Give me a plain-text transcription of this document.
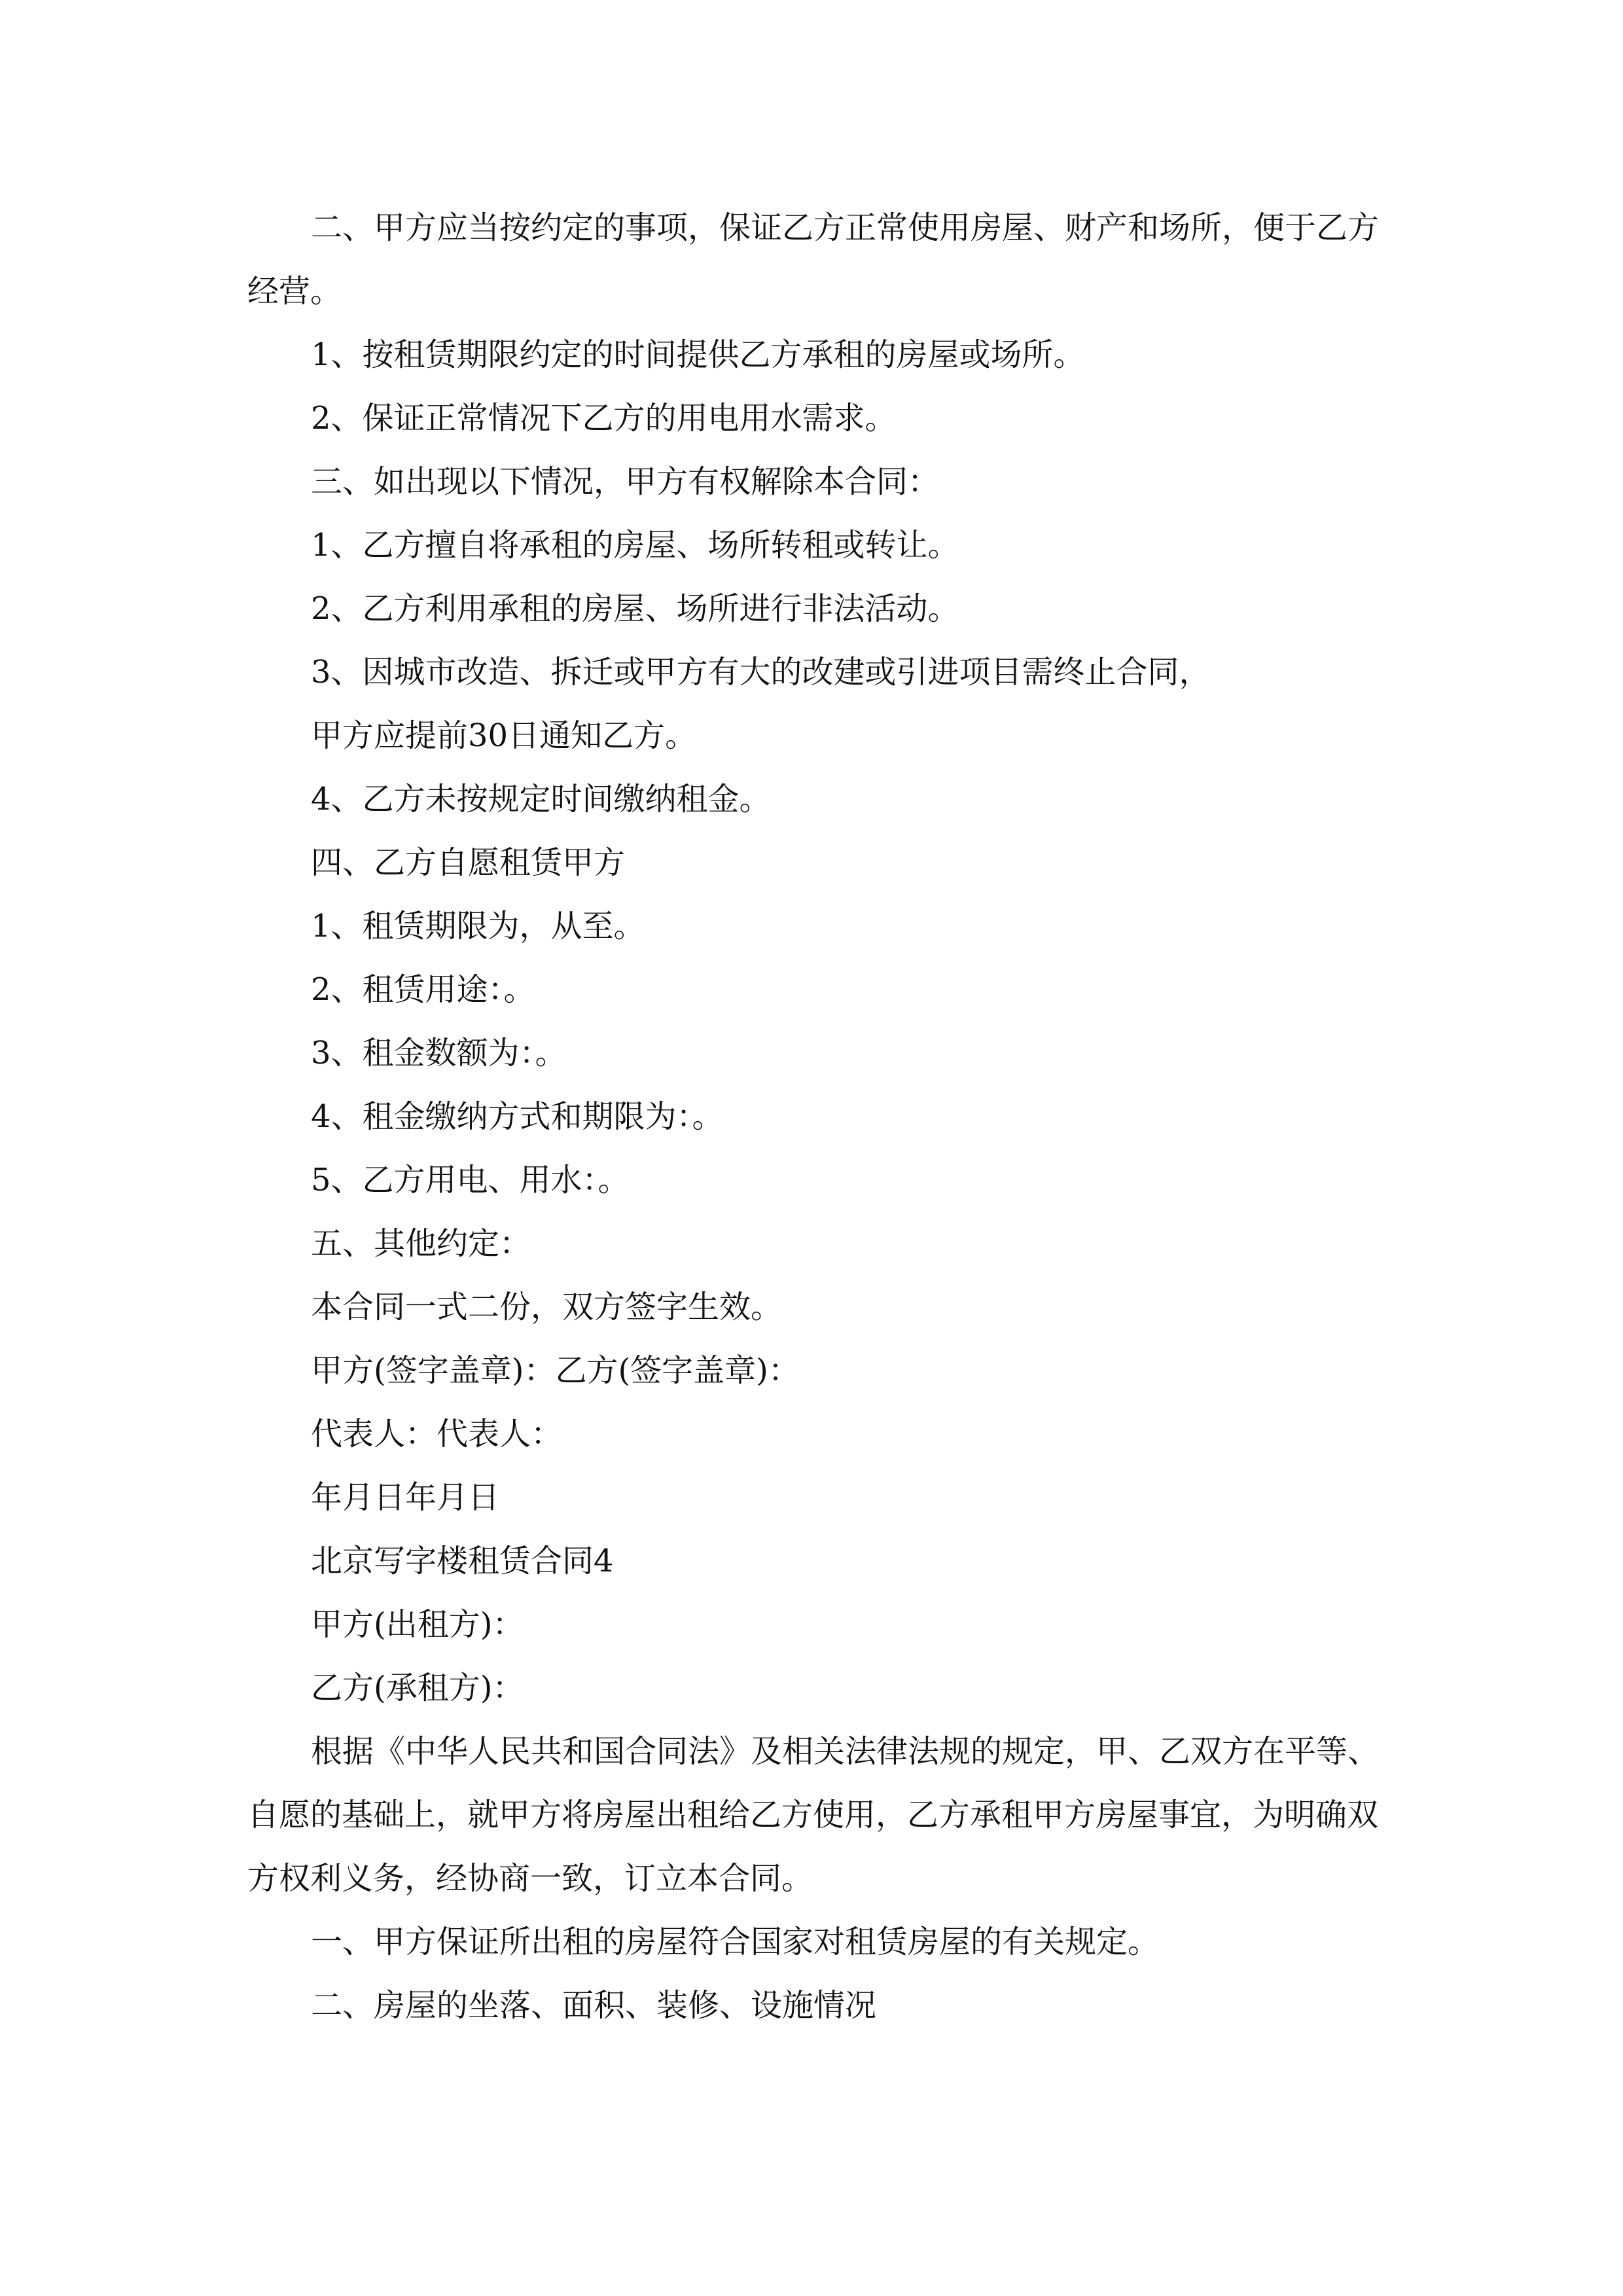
二、甲方应当按约定的事项，保证乙方正常使用房屋、财产和场所，便于乙方经营。
1、按租赁期限约定的时间提供乙方承租的房屋或场所。
2、保证正常情况下乙方的用电用水需求。
三、如出现以下情况，甲方有权解除本合同：
1、乙方擅自将承租的房屋、场所转租或转让。
2、乙方利用承租的房屋、场所进行非法活动。
3、因城市改造、拆迁或甲方有大的改建或引进项目需终止合同，
甲方应提前30日通知乙方。
4、乙方未按规定时间缴纳租金。
四、乙方自愿租赁甲方
1、租赁期限为，从至。
2、租赁用途：。
3、租金数额为：。
4、租金缴纳方式和期限为：。
5、乙方用电、用水：。
五、其他约定：
本合同一式二份，双方签字生效。
甲方(签字盖章)：乙方(签字盖章)：
代表人：代表人：
年月日年月日
北京写字楼租赁合同4
甲方(出租方)：
乙方(承租方)：
根据《中华人民共和国合同法》及相关法律法规的规定，甲、乙双方在平等、自愿的基础上，就甲方将房屋出租给乙方使用，乙方承租甲方房屋事宜，为明确双方权利义务，经协商一致，订立本合同。
一、甲方保证所出租的房屋符合国家对租赁房屋的有关规定。
二、房屋的坐落、面积、装修、设施情况
